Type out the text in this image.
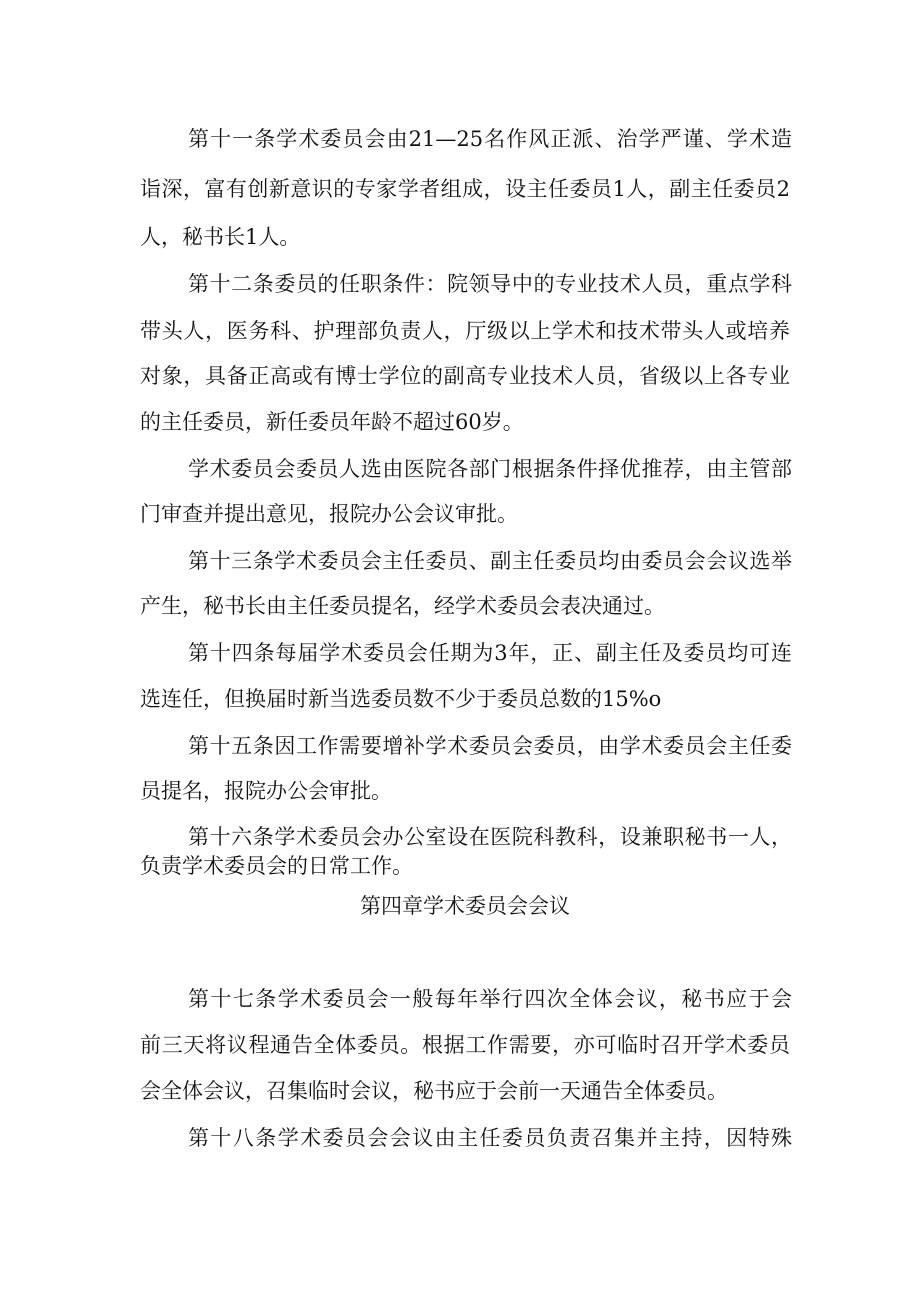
第十一条学术委员会由21—25名作风正派、治学严谨、学术造
诣深，富有创新意识的专家学者组成，设主任委员1人，副主任委员2
人，秘书长1人。
第十二条委员的任职条件：院领导中的专业技术人员，重点学科
带头人，医务科、护理部负责人，厅级以上学术和技术带头人或培养
对象，具备正高或有博士学位的副高专业技术人员，省级以上各专业
的主任委员，新任委员年龄不超过60岁。
学术委员会委员人选由医院各部门根据条件择优推荐，由主管部
门审查并提出意见，报院办公会议审批。
第十三条学术委员会主任委员、副主任委员均由委员会会议选举
产生，秘书长由主任委员提名，经学术委员会表决通过。
第十四条每届学术委员会任期为3年，正、副主任及委员均可连
选连任，但换届时新当选委员数不少于委员总数的15%o
第十五条因工作需要增补学术委员会委员，由学术委员会主任委
员提名，报院办公会审批。
第十六条学术委员会办公室设在医院科教科，设兼职秘书一人，
负责学术委员会的日常工作。
第四章学术委员会会议
第十七条学术委员会一般每年举行四次全体会议，秘书应于会
前三天将议程通告全体委员。根据工作需要，亦可临时召开学术委员
会全体会议，召集临时会议，秘书应于会前一天通告全体委员。
第十八条学术委员会会议由主任委员负责召集并主持，因特殊
